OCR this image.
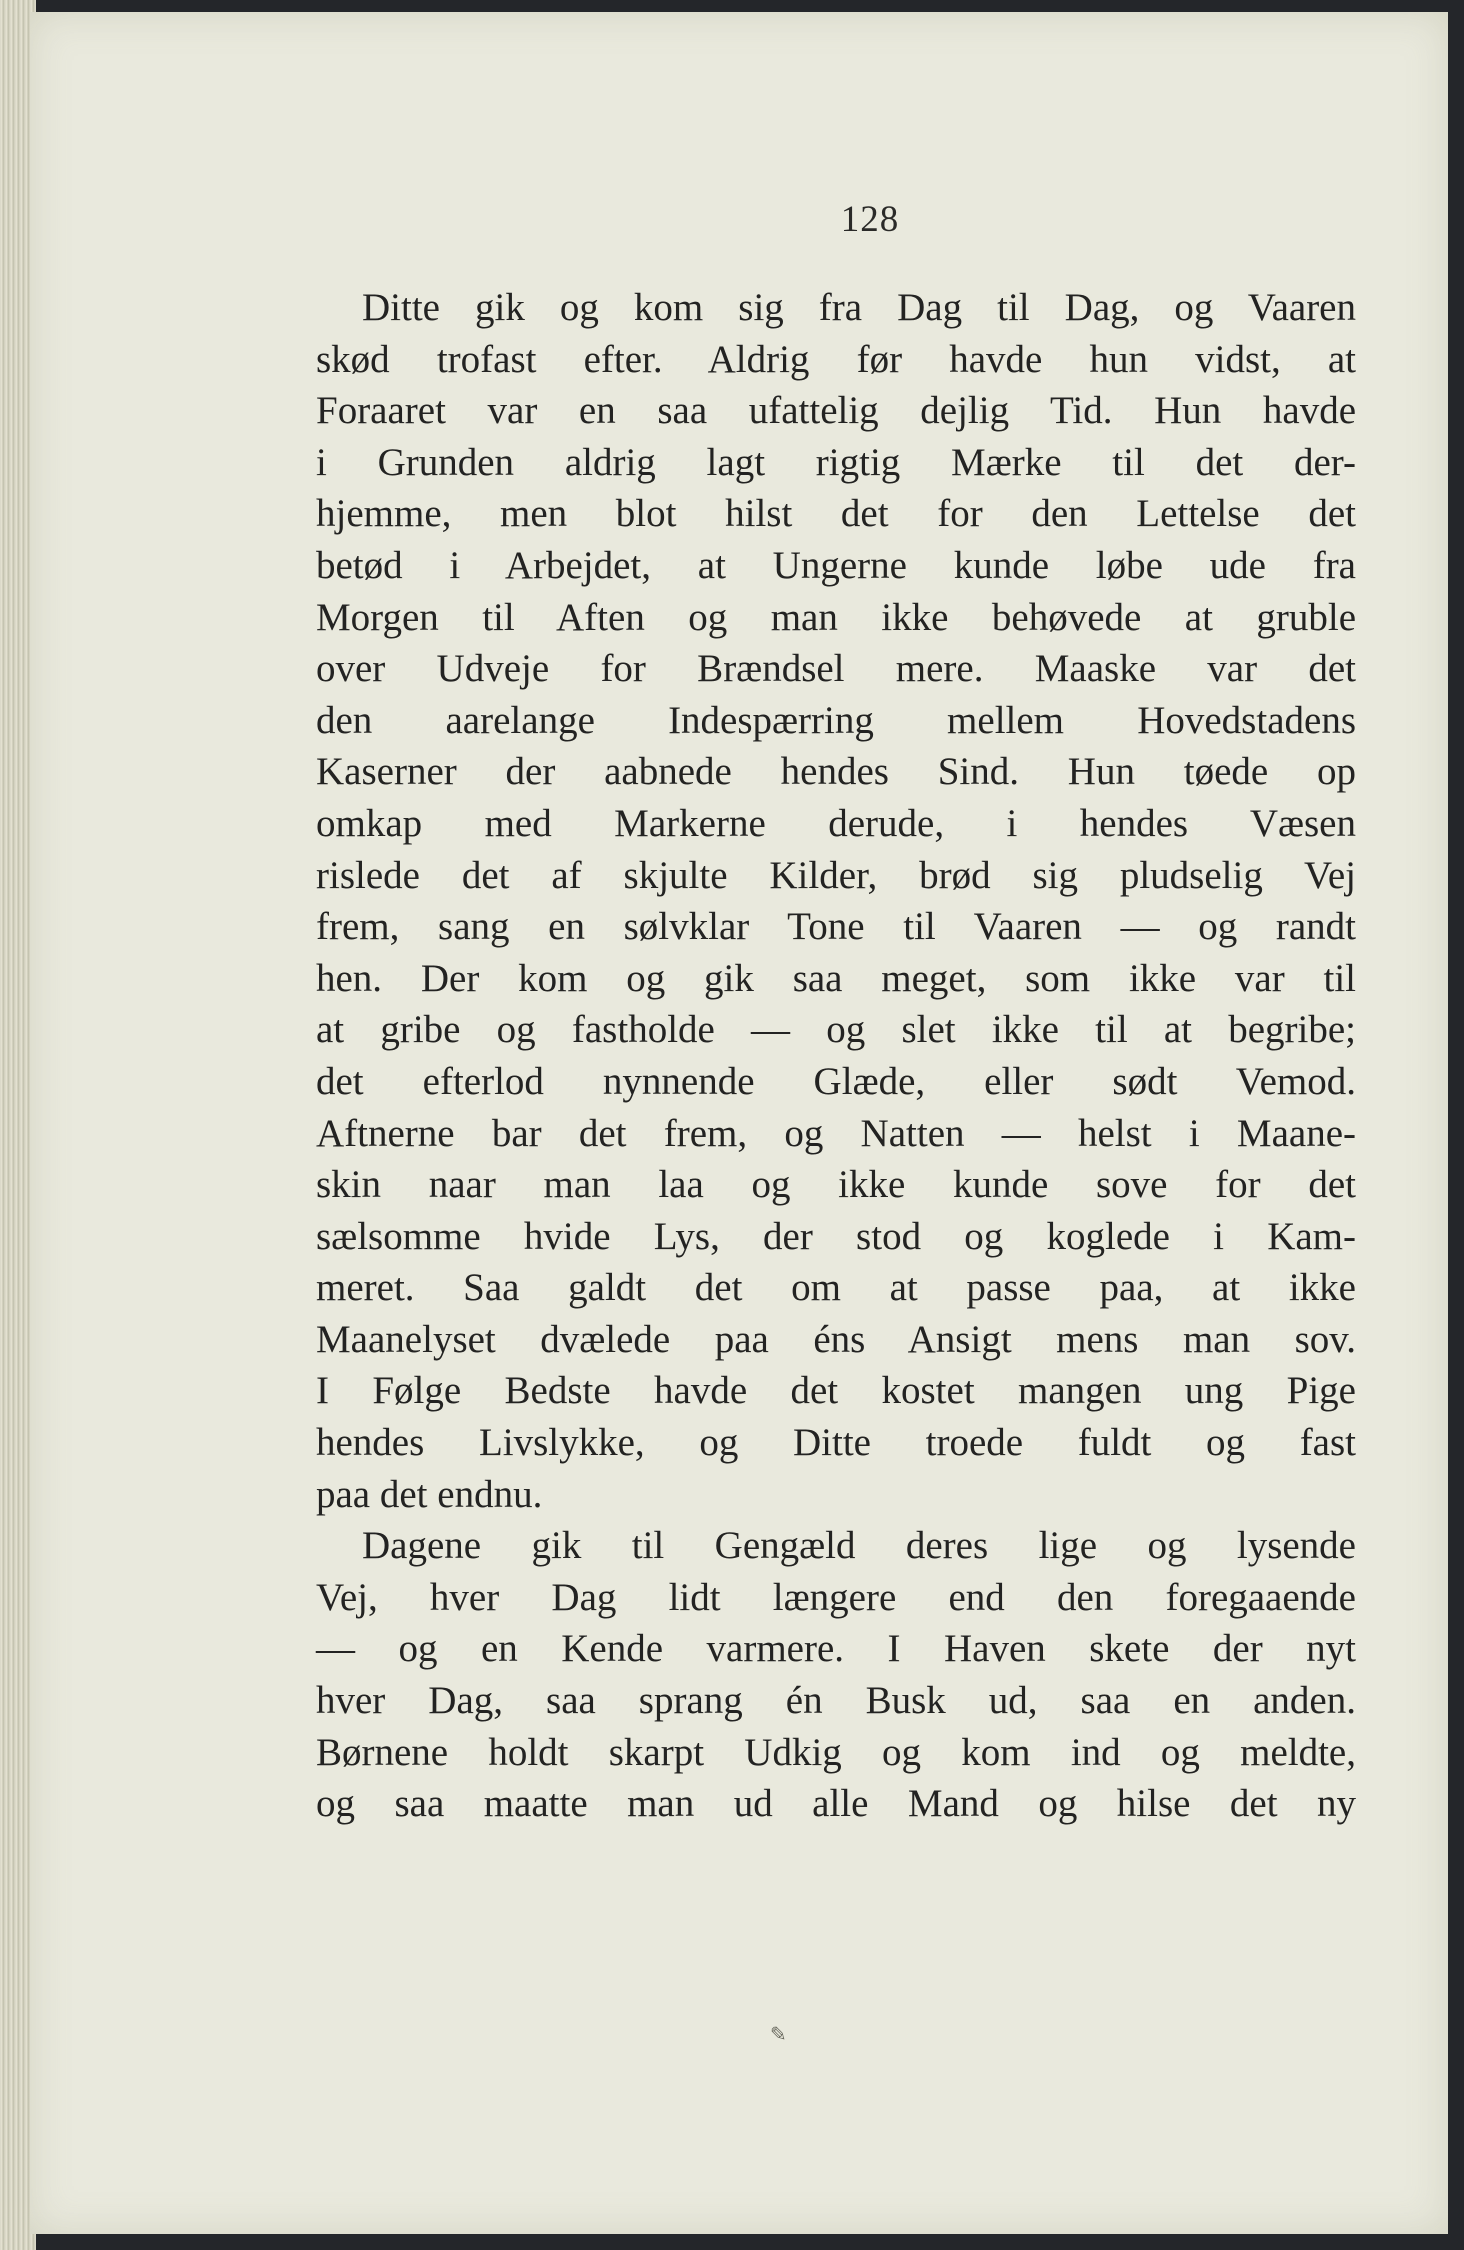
128
Ditte gik og kom sig fra Dag til Dag, og Vaaren
skød trofast efter. Aldrig før havde hun vidst, at
Foraaret var en saa ufattelig dejlig Tid. Hun havde
i Grunden aldrig lagt rigtig Mærke til det der-
hjemme, men blot hilst det for den Lettelse det
betød i Arbejdet, at Ungerne kunde løbe ude fra
Morgen til Aften og man ikke behøvede at gruble
over Udveje for Brændsel mere. Maaske var det
den aarelange Indespærring mellem Hovedstadens
Kaserner der aabnede hendes Sind. Hun tøede op
omkap med Markerne derude, i hendes Væsen
rislede det af skjulte Kilder, brød sig pludselig Vej
frem, sang en sølvklar Tone til Vaaren — og randt
hen. Der kom og gik saa meget, som ikke var til
at gribe og fastholde — og slet ikke til at begribe;
det efterlod nynnende Glæde, eller sødt Vemod.
Aftnerne bar det frem, og Natten — helst i Maane-
skin naar man laa og ikke kunde sove for det
sælsomme hvide Lys, der stod og koglede i Kam-
meret. Saa galdt det om at passe paa, at ikke
Maanelyset dvælede paa éns Ansigt mens man sov.
I Følge Bedste havde det kostet mangen ung Pige
hendes Livslykke, og Ditte troede fuldt og fast
paa det endnu.
Dagene gik til Gengæld deres lige og lysende
Vej, hver Dag lidt længere end den foregaaende
— og en Kende varmere. I Haven skete der nyt
hver Dag, saa sprang én Busk ud, saa en anden.
Børnene holdt skarpt Udkig og kom ind og meldte,
og saa maatte man ud alle Mand og hilse det ny
✎
